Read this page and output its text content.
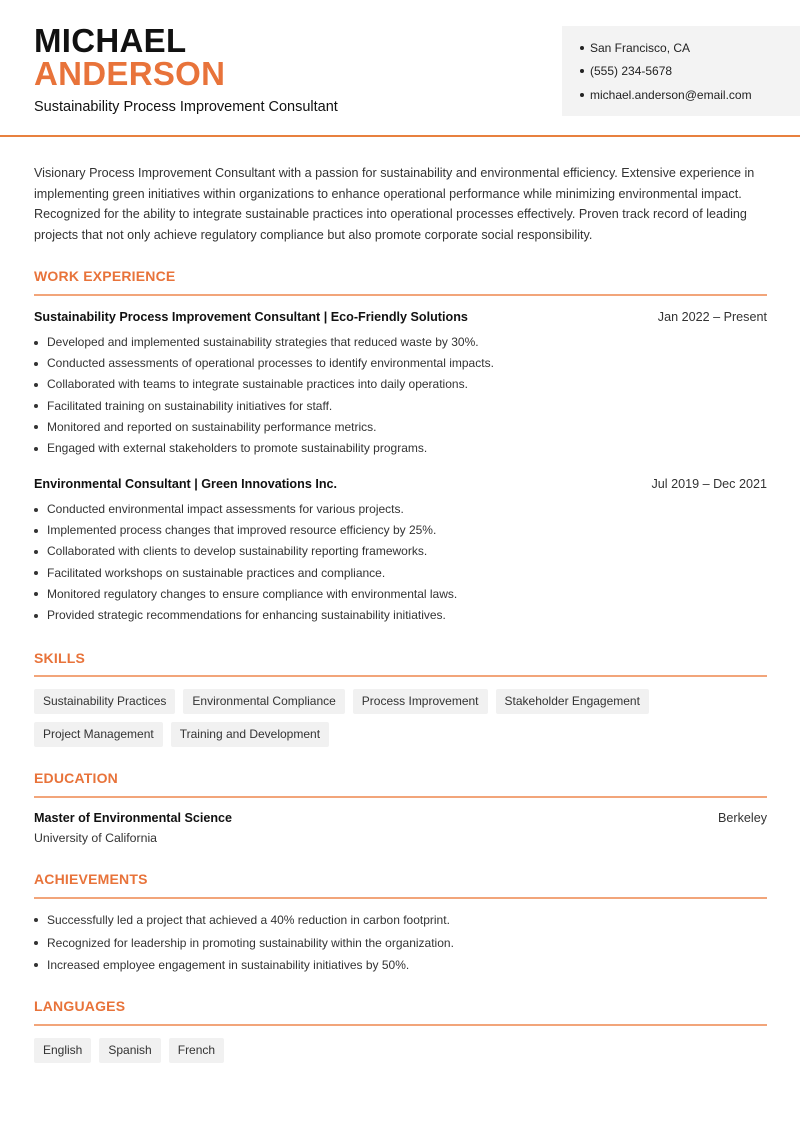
MICHAEL
ANDERSON
Sustainability Process Improvement Consultant
San Francisco, CA
(555) 234-5678
michael.anderson@email.com

Visionary Process Improvement Consultant with a passion for sustainability and environmental efficiency. Extensive experience in implementing green initiatives within organizations to enhance operational performance while minimizing environmental impact. Recognized for the ability to integrate sustainable practices into operational processes effectively. Proven track record of leading projects that not only achieve regulatory compliance but also promote corporate social responsibility.

WORK EXPERIENCE
Sustainability Process Improvement Consultant | Eco-Friendly Solutions	Jan 2022 – Present
Developed and implemented sustainability strategies that reduced waste by 30%.
Conducted assessments of operational processes to identify environmental impacts.
Collaborated with teams to integrate sustainable practices into daily operations.
Facilitated training on sustainability initiatives for staff.
Monitored and reported on sustainability performance metrics.
Engaged with external stakeholders to promote sustainability programs.
Environmental Consultant | Green Innovations Inc.	Jul 2019 – Dec 2021
Conducted environmental impact assessments for various projects.
Implemented process changes that improved resource efficiency by 25%.
Collaborated with clients to develop sustainability reporting frameworks.
Facilitated workshops on sustainable practices and compliance.
Monitored regulatory changes to ensure compliance with environmental laws.
Provided strategic recommendations for enhancing sustainability initiatives.
SKILLS
Sustainability Practices	Environmental Compliance	Process Improvement	Stakeholder Engagement
Project Management	Training and Development
EDUCATION
Master of Environmental Science	Berkeley
University of California
ACHIEVEMENTS
Successfully led a project that achieved a 40% reduction in carbon footprint.
Recognized for leadership in promoting sustainability within the organization.
Increased employee engagement in sustainability initiatives by 50%.
LANGUAGES
English	Spanish	French
